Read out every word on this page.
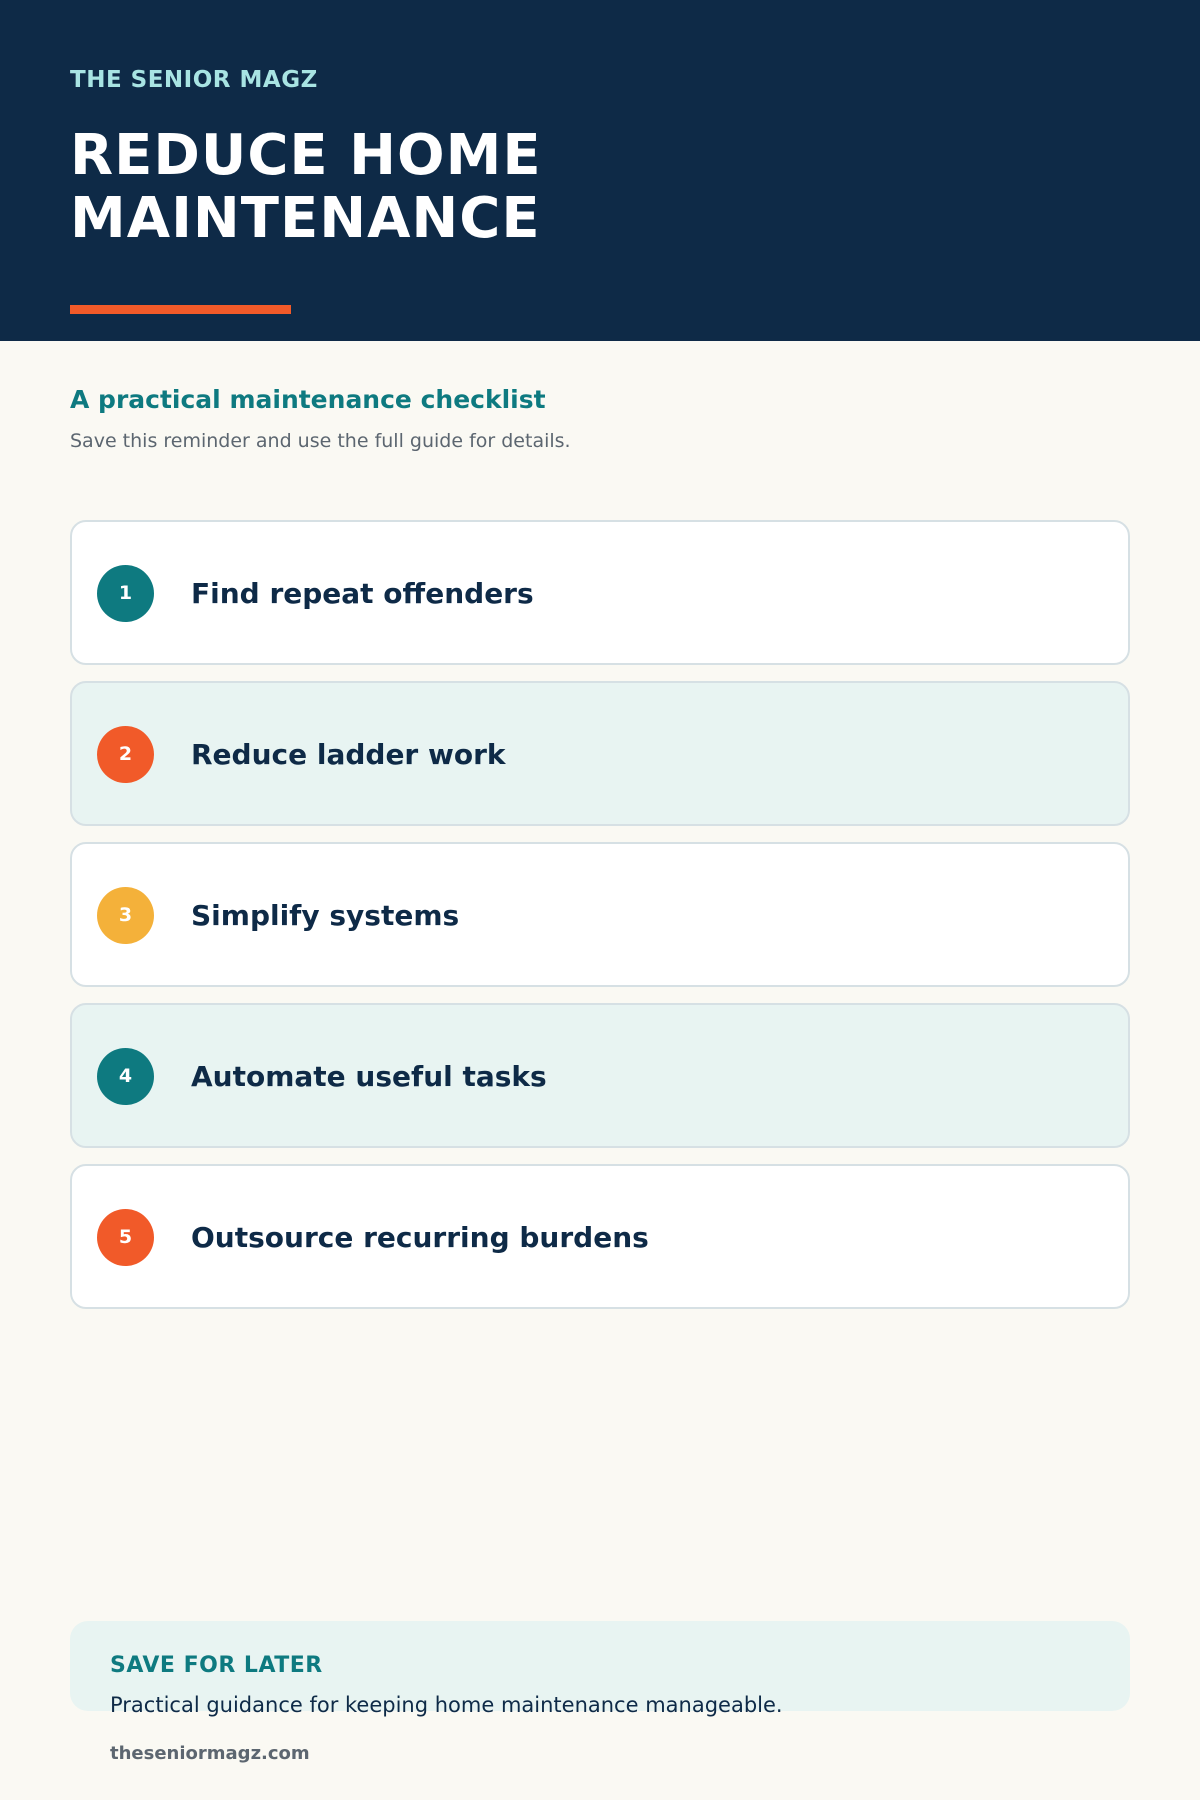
THE SENIOR MAGZ
REDUCE HOME MAINTENANCE
A practical maintenance checklist
Save this reminder and use the full guide for details.
1	Find repeat offenders
2	Reduce ladder work
3	Simplify systems
4	Automate useful tasks
5	Outsource recurring burdens
SAVE FOR LATER
Practical guidance for keeping home maintenance manageable.
theseniormagz.com
